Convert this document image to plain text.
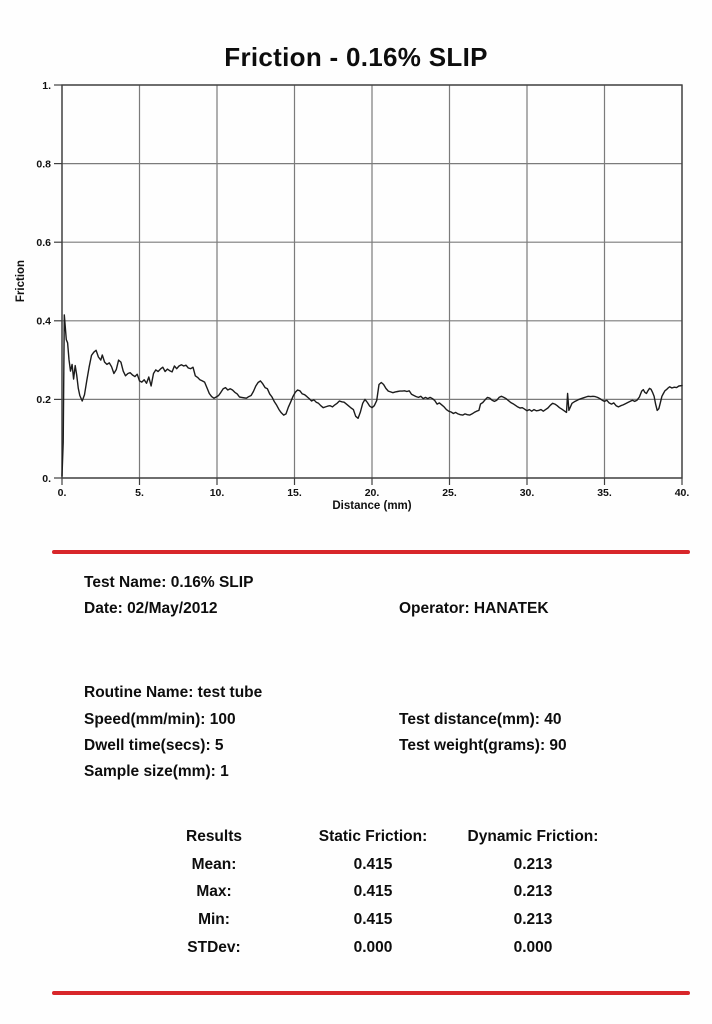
Friction - 0.16% SLIP
0.	5.	10.	15.	20.	25.	30.	35.	40.
1.
0.8
0.6
0.4
0.2
0.
Distance (mm)
Friction
Test Name: 0.16% SLIP
Date: 02/May/2012	Operator: HANATEK
Routine Name: test tube
Speed(mm/min): 100	Test distance(mm): 40
Dwell time(secs): 5	Test weight(grams): 90
Sample size(mm): 1
Results	Static Friction:	Dynamic Friction:
Mean:	0.415	0.213
Max:	0.415	0.213
Min:	0.415	0.213
STDev:	0.000	0.000
